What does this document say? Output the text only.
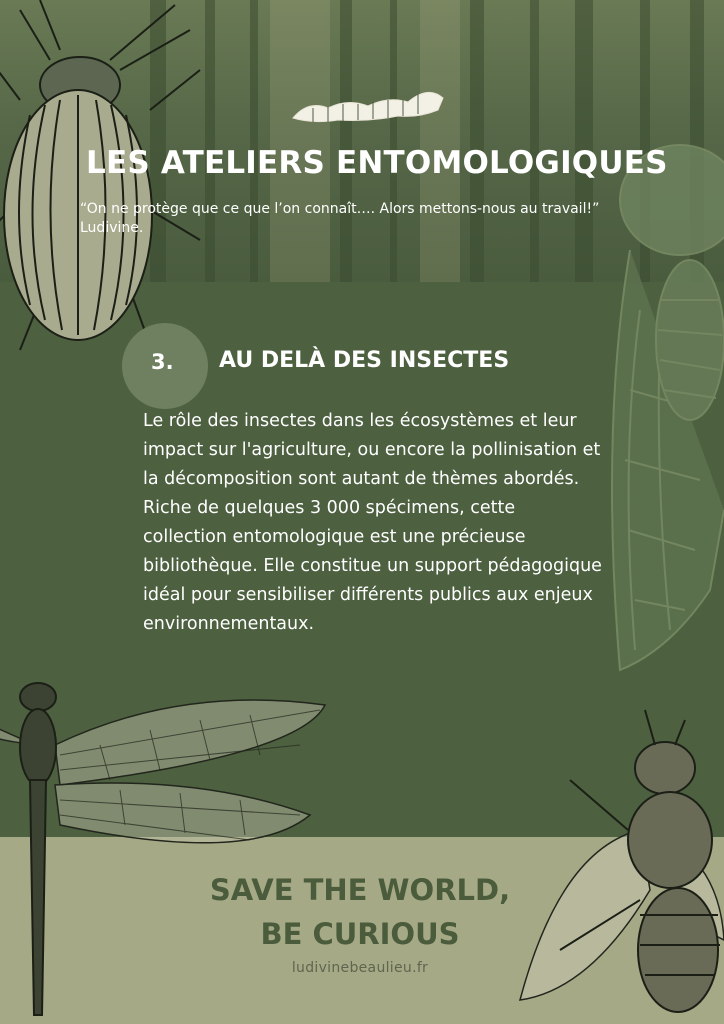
LES ATELIERS ENTOMOLOGIQUES
“On ne protège que ce que l’on connaît…. Alors mettons-nous au travail!” Ludivine.
3.	AU DELÀ DES INSECTES
Le rôle des insectes dans les écosystèmes et leur impact sur l'agriculture, ou encore la pollinisation et la décomposition sont autant de thèmes abordés. Riche de quelques 3 000 spécimens, cette collection entomologique est une précieuse bibliothèque. Elle constitue un support pédagogique idéal pour sensibiliser différents publics aux enjeux environnementaux.
SAVE THE WORLD,
BE CURIOUS
ludivinebeaulieu.fr
